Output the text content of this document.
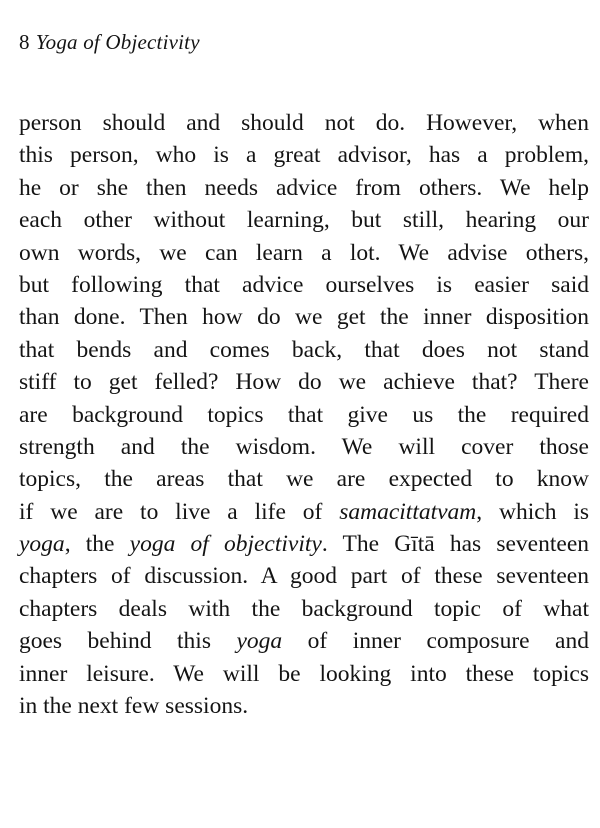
8 Yoga of Objectivity
person should and should not do. However, when
this person, who is a great advisor, has a problem,
he or she then needs advice from others. We help
each other without learning, but still, hearing our
own words, we can learn a lot. We advise others,
but following that advice ourselves is easier said
than done. Then how do we get the inner disposition
that bends and comes back, that does not stand
stiff to get felled? How do we achieve that? There
are background topics that give us the required
strength and the wisdom. We will cover those
topics, the areas that we are expected to know
if we are to live a life of samacittatvam, which is
yoga, the yoga of objectivity. The Gītā has seventeen
chapters of discussion. A good part of these seventeen
chapters deals with the background topic of what
goes behind this yoga of inner composure and
inner leisure. We will be looking into these topics
in the next few sessions.
